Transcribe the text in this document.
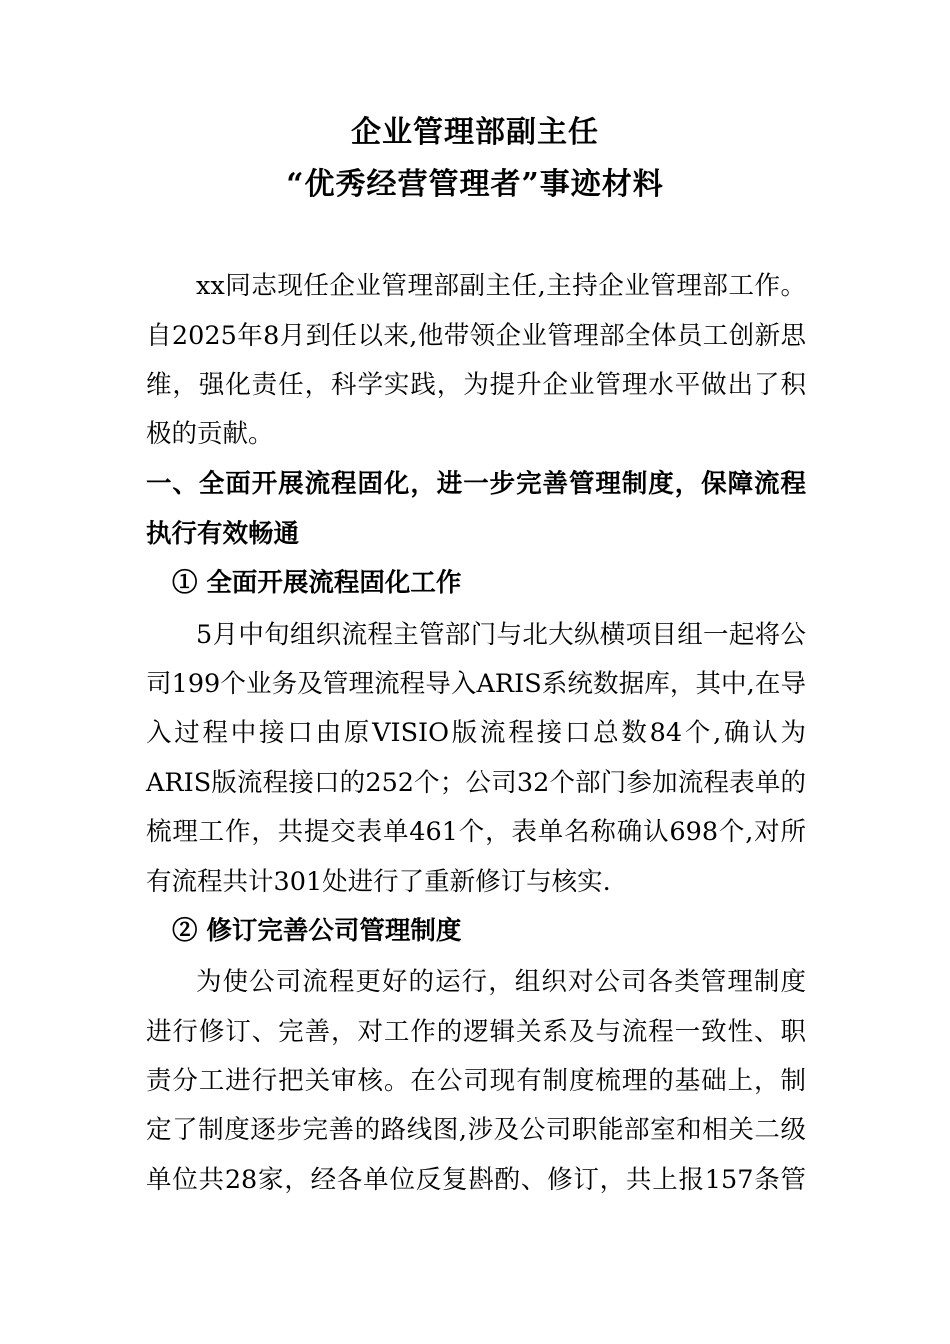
企业管理部副主任
“优秀经营管理者”事迹材料
xx同志现任企业管理部副主任,主持企业管理部工作。
自2025年8月到任以来,他带领企业管理部全体员工创新思
维，强化责任，科学实践，为提升企业管理水平做出了积
极的贡献。
一、全面开展流程固化，进一步完善管理制度，保障流程
执行有效畅通
① 全面开展流程固化工作
5月中旬组织流程主管部门与北大纵横项目组一起将公
司199个业务及管理流程导入ARIS系统数据库，其中,在导
入过程中接口由原VISIO版流程接口总数84个,确认为
ARIS版流程接口的252个；公司32个部门参加流程表单的
梳理工作，共提交表单461个，表单名称确认698个,对所
有流程共计301处进行了重新修订与核实.
② 修订完善公司管理制度
为使公司流程更好的运行，组织对公司各类管理制度
进行修订、完善，对工作的逻辑关系及与流程一致性、职
责分工进行把关审核。在公司现有制度梳理的基础上，制
定了制度逐步完善的路线图,涉及公司职能部室和相关二级
单位共28家，经各单位反复斟酌、修订，共上报157条管
